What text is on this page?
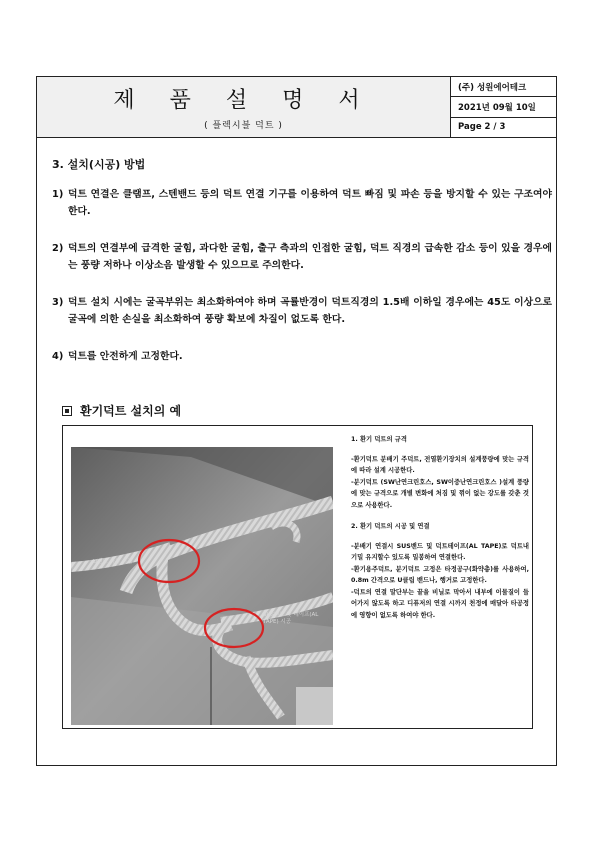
제 품 설 명 서
( 플렉시블 덕트 )
(주) 성원에어테크
2021년 09월 10일
Page 2 / 3
3. 설치(시공) 방법
1) 덕트 연결은 클램프, 스텐밴드 등의 덕트 연결 기구를 이용하여 덕트 빠짐 및 파손 등을 방지할 수 있는 구조여야 한다.
2) 덕트의 연결부에 급격한 굴힘, 과다한 굴힘, 출구 측과의 인접한 굴힘, 덕트 직경의 급속한 감소 등이 있을 경우에는 풍량 저하나 이상소음 발생할 수 있으므로 주의한다.
3) 덕트 설치 시에는 굴곡부위는 최소화하여야 하며 곡률반경이 덕트직경의 1.5배 이하일 경우에는 45도 이상으로 굴곡에 의한 손실을 최소화하여 풍량 확보에 차질이 없도록 한다.
4) 덕트를 안전하게 고정한다.
환기덕트 설치의 예
U밴드 사용 시점
SUS밴드 및 테이프(AL TAPE) 시공
1. 환기 덕트의 규격
-환기덕트 분배기 주덕트, 전열환기장치의 설계풍량에 맞는 규격에 따라 설계 시공한다.
-분기덕트 (SW난연크린호스, SW이중난연크린호스 )설계 풍량에 맞는 규격으로 개별 변화에 처짐 및 꺾이 없는 강도를 갖춘 것으로 사용한다.
2. 환기 덕트의 시공 및 연결
-분배기 연결시 SUS밴드 및 덕트테이프(AL TAPE)로 덕트내 기밀 유지할수 있도록 밀봉하여 연결한다.
-환기용주덕트, 분기덕트 고정은 타정공구(화약총)를 사용하여, 0.8m 간격으로 U클립 밴드나, 행거로 고정한다.
-덕트의 연결 말단부는 끝을 비닐로 막아서 내부에 이물질이 들어가지 않도록 하고 디퓨저의 연결 시까지 천정에 매달아 타공정에 영향이 없도록 하여야 한다.
